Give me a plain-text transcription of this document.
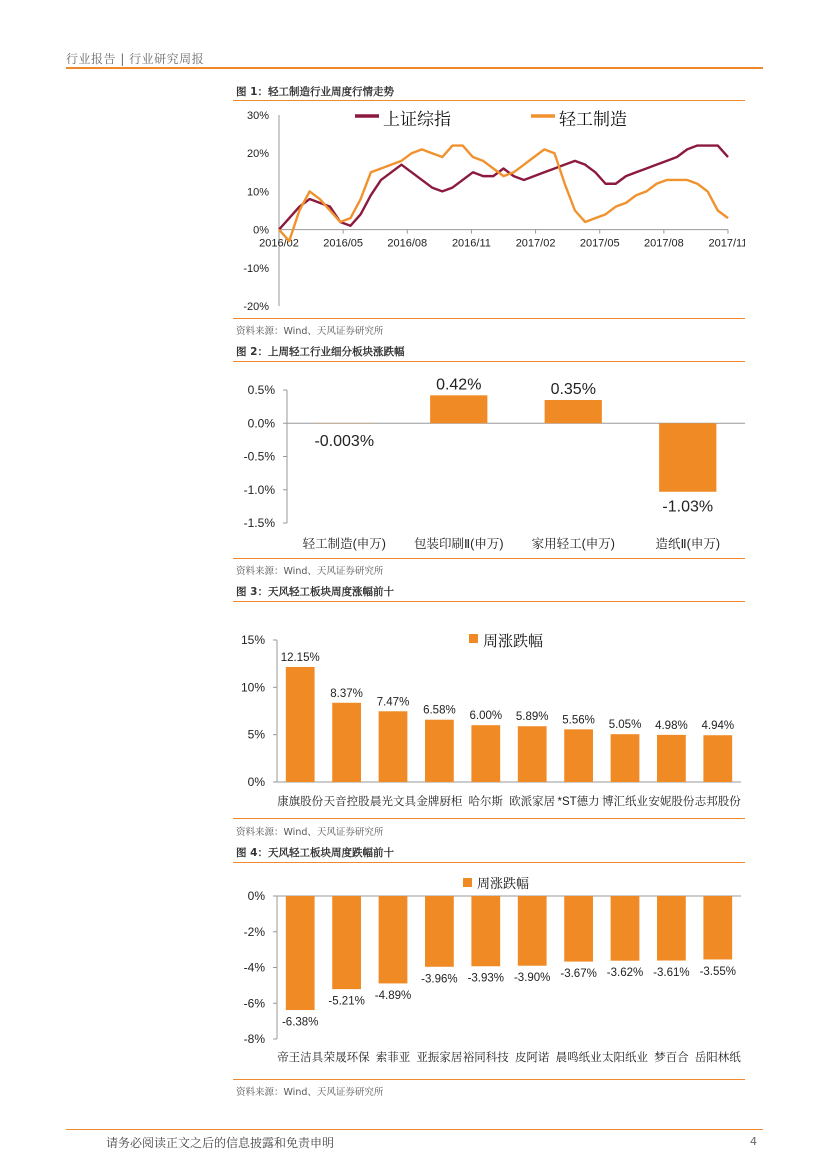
行业报告 | 行业研究周报
图 1：轻工制造行业周度行情走势
30%
20%
10%
0%
-10%
-20%
2016/02 2016/05 2016/08 2016/11 2017/02 2017/05 2017/08 2017/11
上证综指	轻工制造
资料来源：Wind、天风证券研究所
图 2：上周轻工行业细分板块涨跌幅
0.5%
0.0%
-0.5%
-1.0%
-1.5%
-0.003%
轻工制造(申万)
0.42%
包装印刷Ⅱ(申万)
0.35%
家用轻工(申万)
-1.03%
造纸Ⅱ(申万)
资料来源：Wind、天风证券研究所
图 3：天风轻工板块周度涨幅前十
15%
10%
5%
0%
12.15%
康旗股份
8.37%
天音控股
7.47%
晨光文具
6.58%
金牌厨柜
6.00%
哈尔斯
5.89%
欧派家居
5.56%
*ST德力
5.05%
博汇纸业
4.98%
安妮股份
4.94%
志邦股份
周涨跌幅
资料来源：Wind、天风证券研究所
图 4：天风轻工板块周度跌幅前十
0%
-2%
-4%
-6%
-8%
-6.38%
帝王洁具
-5.21%
荣晟环保
-4.89%
索菲亚
-3.96%
亚振家居
-3.93%
裕同科技
-3.90%
皮阿诺
-3.67%
晨鸣纸业
-3.62%
太阳纸业
-3.61%
梦百合
-3.55%
岳阳林纸
周涨跌幅
资料来源：Wind、天风证券研究所
请务必阅读正文之后的信息披露和免责申明	4
